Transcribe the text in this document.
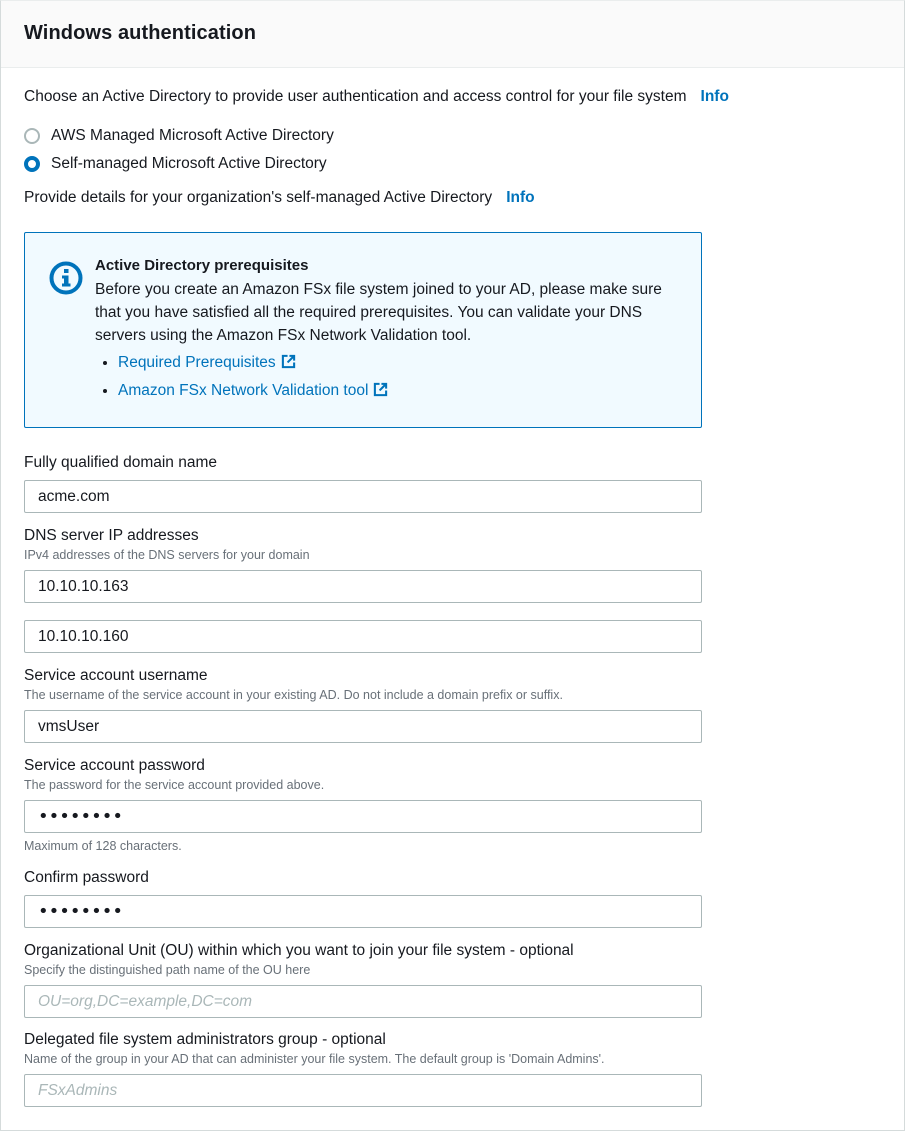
Windows authentication
Choose an Active Directory to provide user authentication and access control for your file system Info
AWS Managed Microsoft Active Directory
Self-managed Microsoft Active Directory
Provide details for your organization's self-managed Active Directory Info
Active Directory prerequisites
Before you create an Amazon FSx file system joined to your AD, please make sure that you have satisfied all the required prerequisites. You can validate your DNS servers using the Amazon FSx Network Validation tool.
Required Prerequisites
Amazon FSx Network Validation tool
Fully qualified domain name
acme.com
DNS server IP addresses
IPv4 addresses of the DNS servers for your domain
10.10.10.163
10.10.10.160
Service account username
The username of the service account in your existing AD. Do not include a domain prefix or suffix.
vmsUser
Service account password
The password for the service account provided above.
••••••••
Maximum of 128 characters.
Confirm password
••••••••
Organizational Unit (OU) within which you want to join your file system - optional
Specify the distinguished path name of the OU here
OU=org,DC=example,DC=com
Delegated file system administrators group - optional
Name of the group in your AD that can administer your file system. The default group is 'Domain Admins'.
FSxAdmins
